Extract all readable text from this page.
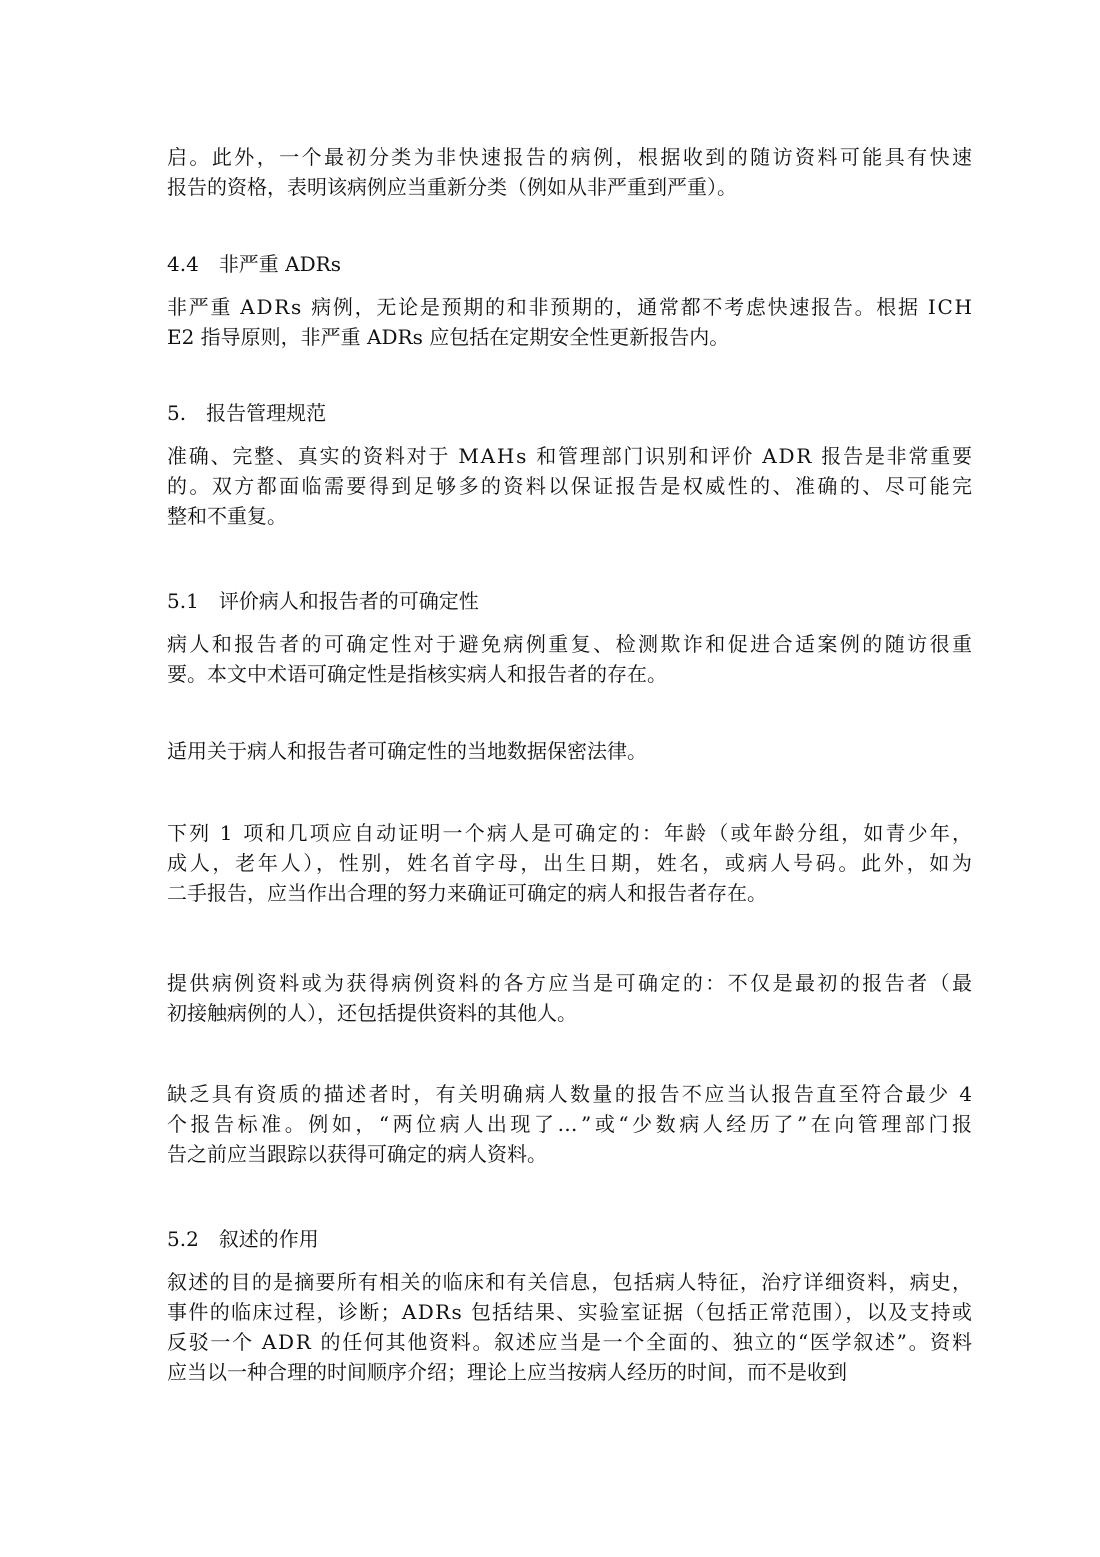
启。此外，一个最初分类为非快速报告的病例，根据收到的随访资料可能具有快速
报告的资格，表明该病例应当重新分类（例如从非严重到严重）。
4.4 非严重 ADRs
非严重 ADRs 病例，无论是预期的和非预期的，通常都不考虑快速报告。根据 ICH
E2 指导原则，非严重 ADRs 应包括在定期安全性更新报告内。
5. 报告管理规范
准确、完整、真实的资料对于 MAHs 和管理部门识别和评价 ADR 报告是非常重要
的。双方都面临需要得到足够多的资料以保证报告是权威性的、准确的、尽可能完
整和不重复。
5.1 评价病人和报告者的可确定性
病人和报告者的可确定性对于避免病例重复、检测欺诈和促进合适案例的随访很重
要。本文中术语可确定性是指核实病人和报告者的存在。
适用关于病人和报告者可确定性的当地数据保密法律。
下列 1 项和几项应自动证明一个病人是可确定的：年龄（或年龄分组，如青少年，
成人，老年人），性别，姓名首字母，出生日期，姓名，或病人号码。此外，如为
二手报告，应当作出合理的努力来确证可确定的病人和报告者存在。
提供病例资料或为获得病例资料的各方应当是可确定的：不仅是最初的报告者（最
初接触病例的人），还包括提供资料的其他人。
缺乏具有资质的描述者时，有关明确病人数量的报告不应当认报告直至符合最少 4
个报告标准。例如，“两位病人出现了…”或“少数病人经历了”在向管理部门报
告之前应当跟踪以获得可确定的病人资料。
5.2 叙述的作用
叙述的目的是摘要所有相关的临床和有关信息，包括病人特征，治疗详细资料，病史，
事件的临床过程，诊断；ADRs 包括结果、实验室证据（包括正常范围），以及支持或
反驳一个 ADR 的任何其他资料。叙述应当是一个全面的、独立的“医学叙述”。资料
应当以一种合理的时间顺序介绍；理论上应当按病人经历的时间，而不是收到
